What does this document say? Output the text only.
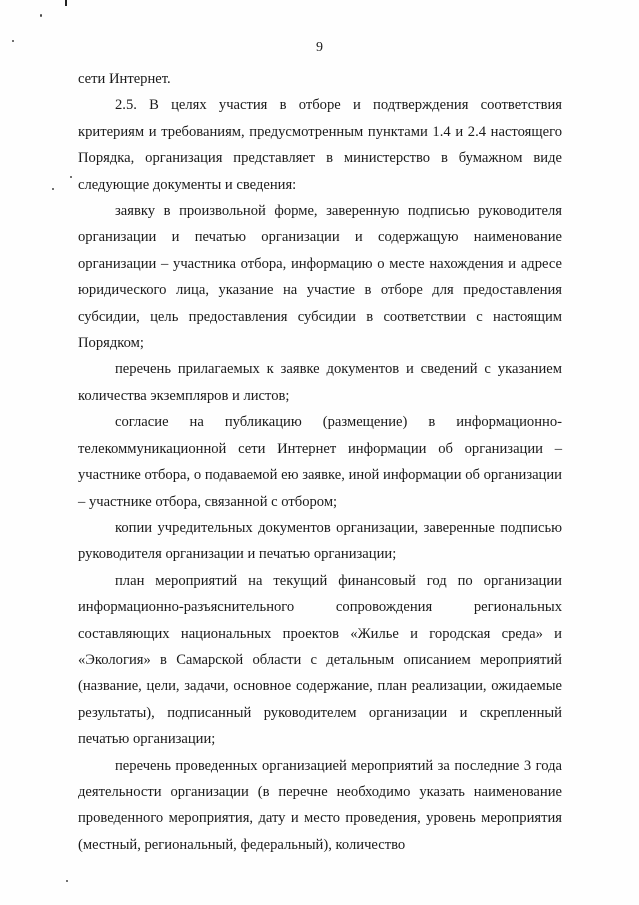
9

сети Интернет.

2.5. В целях участия в отборе и подтверждения соответствия критериям и требованиям, предусмотренным пунктами 1.4 и 2.4 настоящего Порядка, организация представляет в министерство в бумажном виде следующие документы и сведения:

заявку в произвольной форме, заверенную подписью руководителя организации и печатью организации и содержащую наименование организации – участника отбора, информацию о месте нахождения и адресе юридического лица, указание на участие в отборе для предоставления субсидии, цель предоставления субсидии в соответствии с настоящим Порядком;

перечень прилагаемых к заявке документов и сведений с указанием количества экземпляров и листов;

согласие на публикацию (размещение) в информационно-телекоммуникационной сети Интернет информации об организации – участнике отбора, о подаваемой ею заявке, иной информации об организации – участнике отбора, связанной с отбором;

копии учредительных документов организации, заверенные подписью руководителя организации и печатью организации;

план мероприятий на текущий финансовый год по организации информационно-разъяснительного сопровождения региональных составляющих национальных проектов «Жилье и городская среда» и «Экология» в Самарской области с детальным описанием мероприятий (название, цели, задачи, основное содержание, план реализации, ожидаемые результаты), подписанный руководителем организации и скрепленный печатью организации;

перечень проведенных организацией мероприятий за последние 3 года деятельности организации (в перечне необходимо указать наименование проведенного мероприятия, дату и место проведения, уровень мероприятия (местный, региональный, федеральный), количество
